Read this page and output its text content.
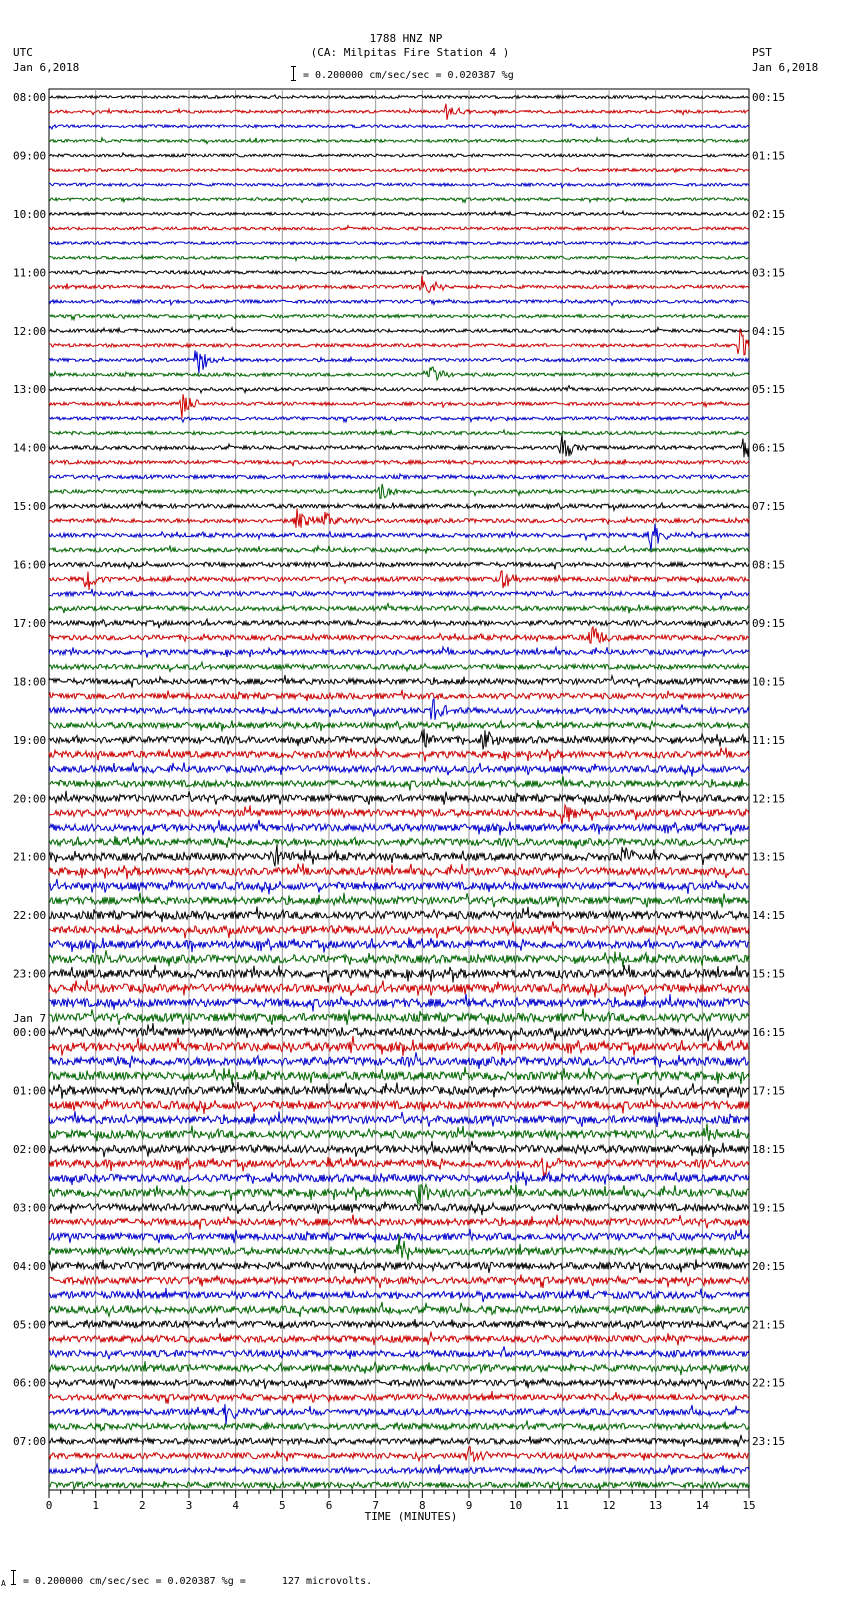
1788 HNZ NP
(CA: Milpitas Fire Station 4 )
UTC
Jan 6,2018
PST
Jan 6,2018
= 0.200000 cm/sec/sec = 0.020387 %g
08:00	00:15
09:00	01:15
10:00	02:15
11:00	03:15
12:00	04:15
13:00	05:15
14:00	06:15
15:00	07:15
16:00	08:15
17:00	09:15
18:00	10:15
19:00	11:15
20:00	12:15
21:00	13:15
22:00	14:15
23:00	15:15
00:00	16:15
01:00	17:15
02:00	18:15
03:00	19:15
04:00	20:15
05:00	21:15
06:00	22:15
07:00	23:15
Jan 7
0	1	2	3	4	5	6	7	8	9	10	11	12	13	14	15
TIME (MINUTES)
A = 0.200000 cm/sec/sec = 0.020387 %g =      127 microvolts.
